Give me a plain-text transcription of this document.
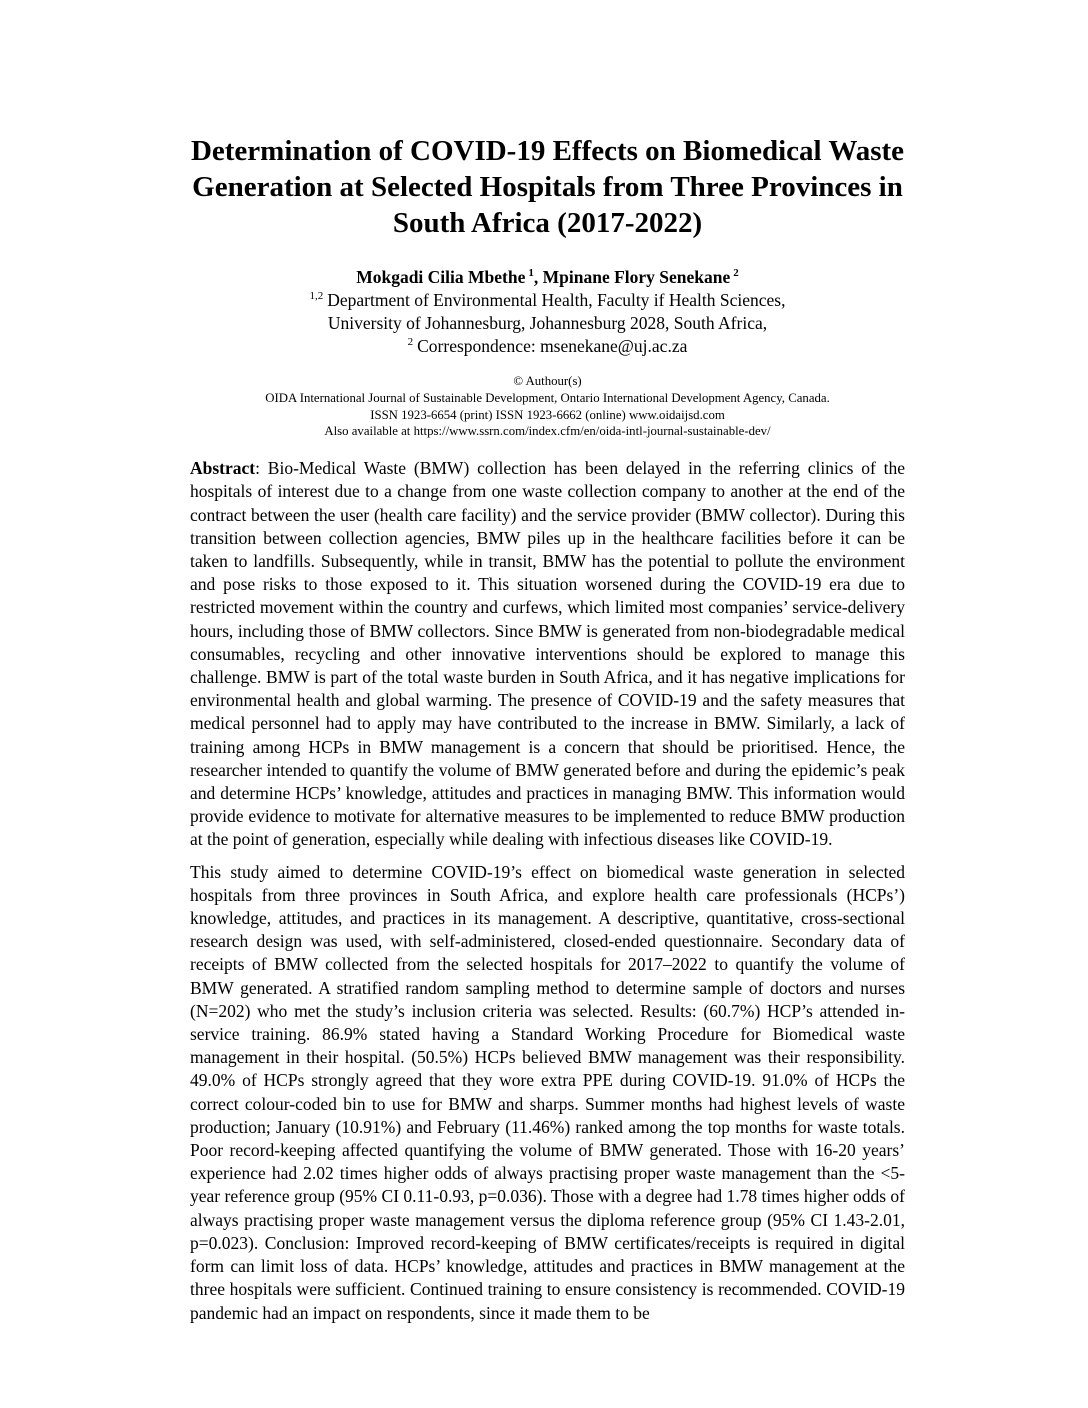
Determination of COVID-19 Effects on Biomedical Waste
Generation at Selected Hospitals from Three Provinces in
South Africa (2017-2022)
Mokgadi Cilia Mbethe $^1$, Mpinane Flory Senekane $^2$
$^{1,2}$ Department of Environmental Health, Faculty if Health Sciences,
University of Johannesburg, Johannesburg 2028, South Africa,
$^2$ Correspondence: msenekane@uj.ac.za
© Authour(s)
OIDA International Journal of Sustainable Development, Ontario International Development Agency, Canada.
ISSN 1923-6654 (print) ISSN 1923-6662 (online) www.oidaijsd.com
Also available at https://www.ssrn.com/index.cfm/en/oida-intl-journal-sustainable-dev/

Abstract: Bio-Medical Waste (BMW) collection has been delayed in the referring clinics of the hospitals of interest due to a change from one waste collection company to another at the end of the contract between the user (health care facility) and the service provider (BMW collector). During this transition between collection agencies, BMW piles up in the healthcare facilities before it can be taken to landfills. Subsequently, while in transit, BMW has the potential to pollute the environment and pose risks to those exposed to it. This situation worsened during the COVID-19 era due to restricted movement within the country and curfews, which limited most companies’ service-delivery hours, including those of BMW collectors. Since BMW is generated from non-biodegradable medical consumables, recycling and other innovative interventions should be explored to manage this challenge. BMW is part of the total waste burden in South Africa, and it has negative implications for environmental health and global warming. The presence of COVID-19 and the safety measures that medical personnel had to apply may have contributed to the increase in BMW. Similarly, a lack of training among HCPs in BMW management is a concern that should be prioritised. Hence, the researcher intended to quantify the volume of BMW generated before and during the epidemic’s peak and determine HCPs’ knowledge, attitudes and practices in managing BMW. This information would provide evidence to motivate for alternative measures to be implemented to reduce BMW production at the point of generation, especially while dealing with infectious diseases like COVID-19.

This study aimed to determine COVID-19’s effect on biomedical waste generation in selected hospitals from three provinces in South Africa, and explore health care professionals (HCPs’) knowledge, attitudes, and practices in its management. A descriptive, quantitative, cross-sectional research design was used, with self-administered, closed-ended questionnaire. Secondary data of receipts of BMW collected from the selected hospitals for 2017–2022 to quantify the volume of BMW generated. A stratified random sampling method to determine sample of doctors and nurses (N=202) who met the study’s inclusion criteria was selected. Results: (60.7%) HCP’s attended in-service training. 86.9% stated having a Standard Working Procedure for Biomedical waste management in their hospital. (50.5%) HCPs believed BMW management was their responsibility. 49.0% of HCPs strongly agreed that they wore extra PPE during COVID-19. 91.0% of HCPs the correct colour-coded bin to use for BMW and sharps. Summer months had highest levels of waste production; January (10.91%) and February (11.46%) ranked among the top months for waste totals. Poor record-keeping affected quantifying the volume of BMW generated. Those with 16-20 years’ experience had 2.02 times higher odds of always practising proper waste management than the <5-year reference group (95% CI 0.11-0.93, p=0.036). Those with a degree had 1.78 times higher odds of always practising proper waste management versus the diploma reference group (95% CI 1.43-2.01, p=0.023). Conclusion: Improved record-keeping of BMW certificates/receipts is required in digital form can limit loss of data. HCPs’ knowledge, attitudes and practices in BMW management at the three hospitals were sufficient. Continued training to ensure consistency is recommended. COVID-19 pandemic had an impact on respondents, since it made them to be
